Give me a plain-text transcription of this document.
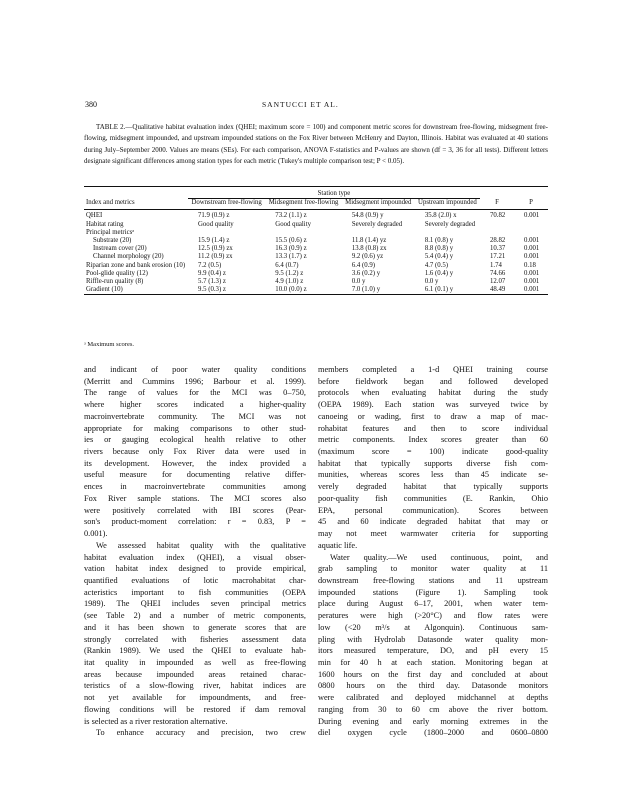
380	SANTUCCI ET AL.
TABLE 2.—Qualitative habitat evaluation index (QHEI; maximum score = 100) and component metric scores for downstream free-flowing, midsegment free-flowing, midsegment impounded, and upstream impounded stations on the Fox River between McHenry and Dayton, Illinois. Habitat was evaluated at 40 stations during July–September 2000. Values are means (SEs). For each comparison, ANOVA F-statistics and P-values are shown (df = 3, 36 for all tests). Different letters designate significant differences among station types for each metric (Tukey's multiple comparison test; P < 0.05).
	Station type					
Index and metrics	Downstream free-flowing	Midsegment free-flowing	Midsegment impounded	Upstream impounded	F	P
QHEI	71.9 (0.9) z	73.2 (1.1) z	54.8 (0.9) y	35.8 (2.0) x	70.82	0.001
Habitat rating	Good quality	Good quality	Severely degraded	Severely degraded		
Principal metricsᵃ						
Substrate (20)	15.9 (1.4) z	15.5 (0.6) z	11.8 (1.4) yz	8.1 (0.8) y	28.82	0.001
Instream cover (20)	12.5 (0.9) zx	16.3 (0.9) z	13.8 (0.8) zx	8.8 (0.8) y	10.37	0.001
Channel morphology (20)	11.2 (0.9) zx	13.3 (1.7) z	9.2 (0.6) yz	5.4 (0.4) y	17.21	0.001
Riparian zone and bank erosion (10)	7.2 (0.5)	6.4 (0.7)	6.4 (0.9)	4.7 (0.5)	1.74	0.18
Pool-glide quality (12)	9.9 (0.4) z	9.5 (1.2) z	3.6 (0.2) y	1.6 (0.4) y	74.66	0.001
Riffle-run quality (8)	5.7 (1.3) z	4.9 (1.0) z	0.0 y	0.0 y	12.07	0.001
Gradient (10)	9.5 (0.3) z	10.0 (0.0) z	7.0 (1.0) y	6.1 (0.1) y	48.49	0.001
ᵃ Maximum scores.
and indicant of poor water quality conditions
(Merritt and Cummins 1996; Barbour et al. 1999).
The range of values for the MCI was 0–750,
where higher scores indicated a higher-quality
macroinvertebrate community. The MCI was not
appropriate for making comparisons to other stud-
ies or gauging ecological health relative to other
rivers because only Fox River data were used in
its development. However, the index provided a
useful measure for documenting relative differ-
ences in macroinvertebrate communities among
Fox River sample stations. The MCI scores also
were positively correlated with IBI scores (Pear-
son's product-moment correlation: r = 0.83, P =
0.001).
We assessed habitat quality with the qualitative
habitat evaluation index (QHEI), a visual obser-
vation habitat index designed to provide empirical,
quantified evaluations of lotic macrohabitat char-
acteristics important to fish communities (OEPA
1989). The QHEI includes seven principal metrics
(see Table 2) and a number of metric components,
and it has been shown to generate scores that are
strongly correlated with fisheries assessment data
(Rankin 1989). We used the QHEI to evaluate hab-
itat quality in impounded as well as free-flowing
areas because impounded areas retained charac-
teristics of a slow-flowing river, habitat indices are
not yet available for impoundments, and free-
flowing conditions will be restored if dam removal
is selected as a river restoration alternative.
To enhance accuracy and precision, two crew
members completed a 1-d QHEI training course
before fieldwork began and followed developed
protocols when evaluating habitat during the study
(OEPA 1989). Each station was surveyed twice by
canoeing or wading, first to draw a map of mac-
rohabitat features and then to score individual
metric components. Index scores greater than 60
(maximum score = 100) indicate good-quality
habitat that typically supports diverse fish com-
munities, whereas scores less than 45 indicate se-
verely degraded habitat that typically supports
poor-quality fish communities (E. Rankin, Ohio
EPA, personal communication). Scores between
45 and 60 indicate degraded habitat that may or
may not meet warmwater criteria for supporting
aquatic life.
Water quality.—We used continuous, point, and
grab sampling to monitor water quality at 11
downstream free-flowing stations and 11 upstream
impounded stations (Figure 1). Sampling took
place during August 6–17, 2001, when water tem-
peratures were high (>20°C) and flow rates were
low (<20 m³/s at Algonquin). Continuous sam-
pling with Hydrolab Datasonde water quality mon-
itors measured temperature, DO, and pH every 15
min for 40 h at each station. Monitoring began at
1600 hours on the first day and concluded at about
0800 hours on the third day. Datasonde monitors
were calibrated and deployed midchannel at depths
ranging from 30 to 60 cm above the river bottom.
During evening and early morning extremes in the
diel oxygen cycle (1800–2000 and 0600–0800
